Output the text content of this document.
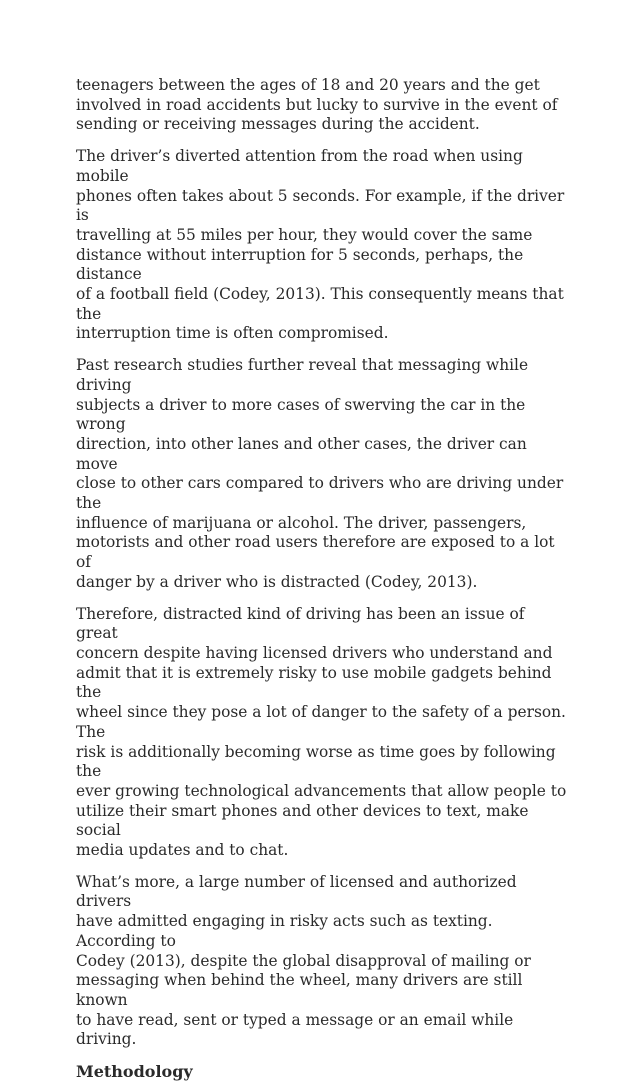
teenagers between the ages of 18 and 20 years and the get
involved in road accidents but lucky to survive in the event of
sending or receiving messages during the accident.

The driver’s diverted attention from the road when using mobile
phones often takes about 5 seconds. For example, if the driver is
travelling at 55 miles per hour, they would cover the same
distance without interruption for 5 seconds, perhaps, the distance
of a football field (Codey, 2013). This consequently means that the
interruption time is often compromised.

Past research studies further reveal that messaging while driving
subjects a driver to more cases of swerving the car in the wrong
direction, into other lanes and other cases, the driver can move
close to other cars compared to drivers who are driving under the
influence of marijuana or alcohol. The driver, passengers,
motorists and other road users therefore are exposed to a lot of
danger by a driver who is distracted (Codey, 2013).

Therefore, distracted kind of driving has been an issue of great
concern despite having licensed drivers who understand and
admit that it is extremely risky to use mobile gadgets behind the
wheel since they pose a lot of danger to the safety of a person. The
risk is additionally becoming worse as time goes by following the
ever growing technological advancements that allow people to
utilize their smart phones and other devices to text, make social
media updates and to chat.

What’s more, a large number of licensed and authorized drivers
have admitted engaging in risky acts such as texting. According to
Codey (2013), despite the global disapproval of mailing or
messaging when behind the wheel, many drivers are still known
to have read, sent or typed a message or an email while driving.

Methodology
